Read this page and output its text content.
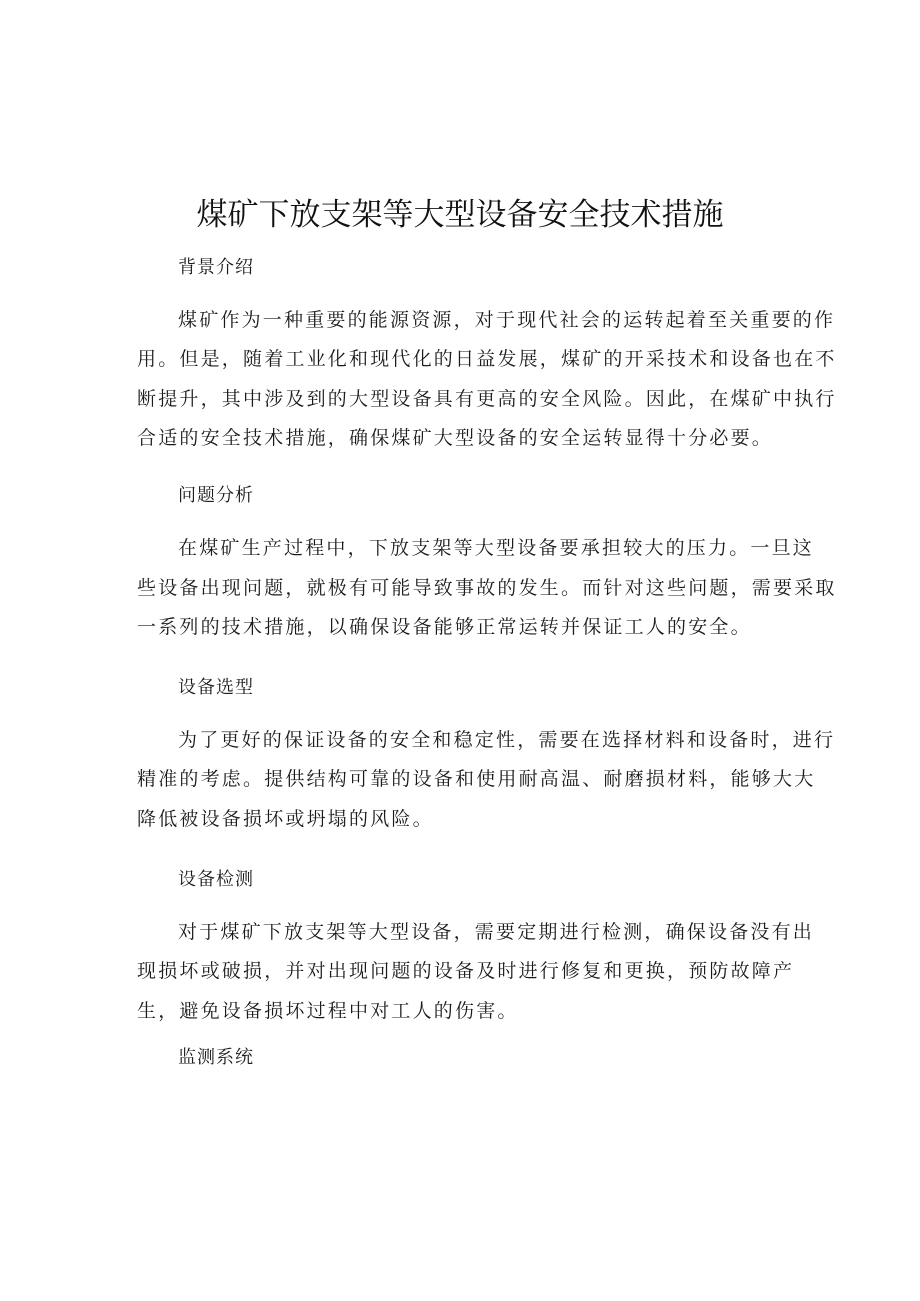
煤矿下放支架等大型设备安全技术措施
背景介绍
煤矿作为一种重要的能源资源，对于现代社会的运转起着至关重要的作
用。但是，随着工业化和现代化的日益发展，煤矿的开采技术和设备也在不
断提升，其中涉及到的大型设备具有更高的安全风险。因此，在煤矿中执行
合适的安全技术措施，确保煤矿大型设备的安全运转显得十分必要。
问题分析
在煤矿生产过程中，下放支架等大型设备要承担较大的压力。一旦这
些设备出现问题，就极有可能导致事故的发生。而针对这些问题，需要采取
一系列的技术措施，以确保设备能够正常运转并保证工人的安全。
设备选型
为了更好的保证设备的安全和稳定性，需要在选择材料和设备时，进行
精准的考虑。提供结构可靠的设备和使用耐高温、耐磨损材料，能够大大
降低被设备损坏或坍塌的风险。
设备检测
对于煤矿下放支架等大型设备，需要定期进行检测，确保设备没有出
现损坏或破损，并对出现问题的设备及时进行修复和更换，预防故障产
生，避免设备损坏过程中对工人的伤害。
监测系统
